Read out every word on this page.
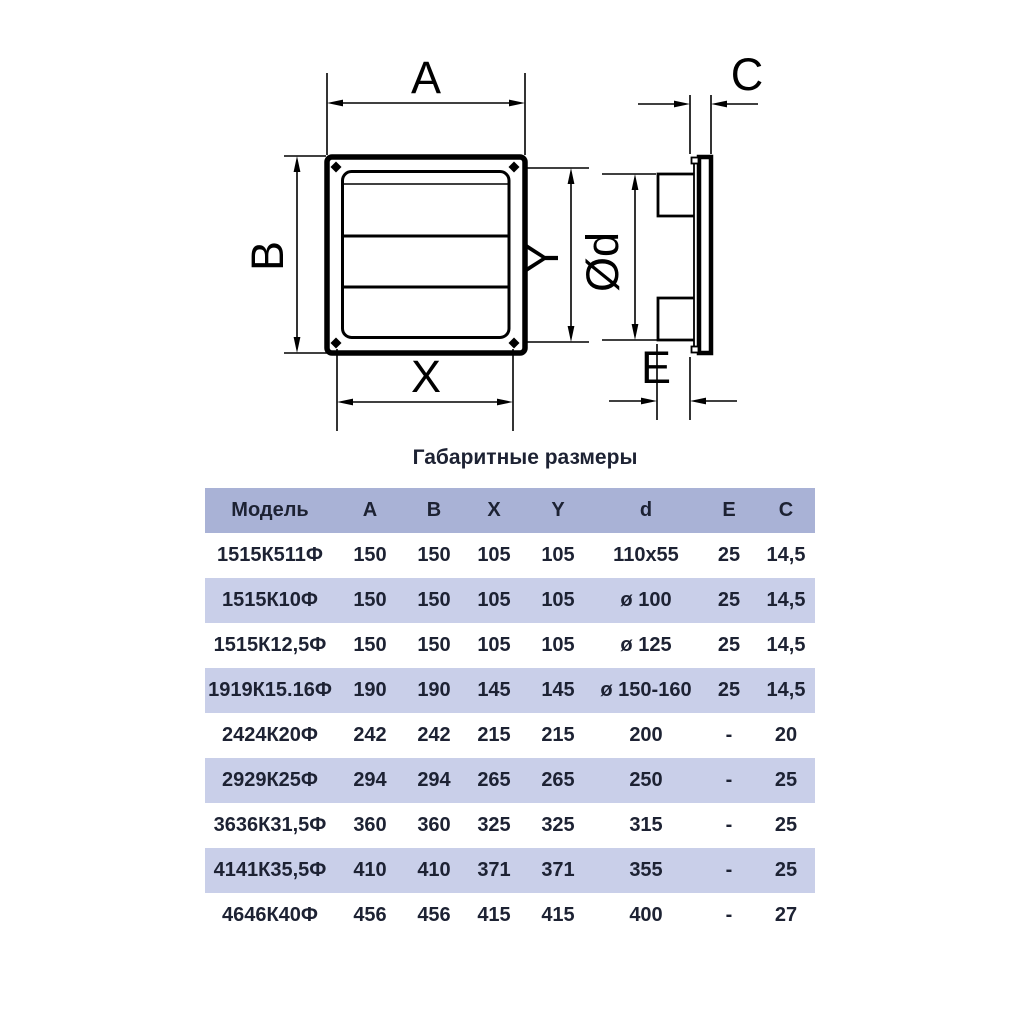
A
B
X
Y
C
Ød
E
Габаритные размеры
Модель	A	B	X	Y	d	E	C
1515К511Ф	150	150	105	105	110x55	25	14,5
1515К10Ф	150	150	105	105	ø 100	25	14,5
1515К12,5Ф	150	150	105	105	ø 125	25	14,5
1919К15.16Ф	190	190	145	145	ø 150-160	25	14,5
2424К20Ф	242	242	215	215	200	-	20
2929К25Ф	294	294	265	265	250	-	25
3636К31,5Ф	360	360	325	325	315	-	25
4141К35,5Ф	410	410	371	371	355	-	25
4646К40Ф	456	456	415	415	400	-	27
